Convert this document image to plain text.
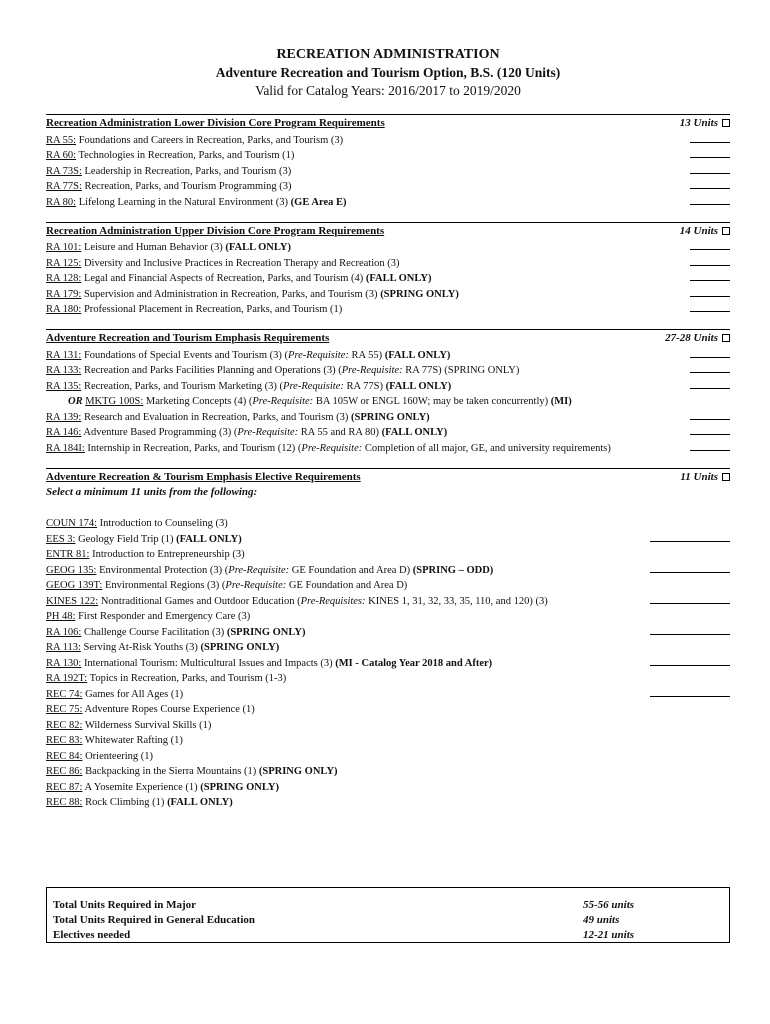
RECREATION ADMINISTRATION
Adventure Recreation and Tourism Option, B.S. (120 Units)
Valid for Catalog Years: 2016/2017 to 2019/2020
Recreation Administration Lower Division Core Program Requirements	13 Units
RA 55: Foundations and Careers in Recreation, Parks, and Tourism (3)
RA 60: Technologies in Recreation, Parks, and Tourism (1)
RA 73S: Leadership in Recreation, Parks, and Tourism (3)
RA 77S: Recreation, Parks, and Tourism Programming (3)
RA 80: Lifelong Learning in the Natural Environment (3) (GE Area E)
Recreation Administration Upper Division Core Program Requirements	14 Units
RA 101: Leisure and Human Behavior (3) (FALL ONLY)
RA 125: Diversity and Inclusive Practices in Recreation Therapy and Recreation (3)
RA 128: Legal and Financial Aspects of Recreation, Parks, and Tourism (4) (FALL ONLY)
RA 179: Supervision and Administration in Recreation, Parks, and Tourism (3) (SPRING ONLY)
RA 180: Professional Placement in Recreation, Parks, and Tourism (1)
Adventure Recreation and Tourism Emphasis Requirements	27-28 Units
RA 131: Foundations of Special Events and Tourism (3) (Pre-Requisite: RA 55) (FALL ONLY)
RA 133: Recreation and Parks Facilities Planning and Operations (3) (Pre-Requisite: RA 77S) (SPRING ONLY)
RA 135: Recreation, Parks, and Tourism Marketing (3) (Pre-Requisite: RA 77S) (FALL ONLY)
OR MKTG 100S: Marketing Concepts (4) (Pre-Requisite: BA 105W or ENGL 160W; may be taken concurrently) (MI)
RA 139: Research and Evaluation in Recreation, Parks, and Tourism (3) (SPRING ONLY)
RA 146: Adventure Based Programming (3) (Pre-Requisite: RA 55 and RA 80) (FALL ONLY)
RA 184I: Internship in Recreation, Parks, and Tourism (12) (Pre-Requisite: Completion of all major, GE, and university requirements)
Adventure Recreation & Tourism Emphasis Elective Requirements	11 Units
Select a minimum 11 units from the following:
COUN 174: Introduction to Counseling (3)
EES 3: Geology Field Trip (1) (FALL ONLY)
ENTR 81: Introduction to Entrepreneurship (3)
GEOG 135: Environmental Protection (3) (Pre-Requisite: GE Foundation and Area D) (SPRING – ODD)
GEOG 139T: Environmental Regions (3) (Pre-Requisite: GE Foundation and Area D)
KINES 122: Nontraditional Games and Outdoor Education (Pre-Requisites: KINES 1, 31, 32, 33, 35, 110, and 120) (3)
PH 48: First Responder and Emergency Care (3)
RA 106: Challenge Course Facilitation (3) (SPRING ONLY)
RA 113: Serving At-Risk Youths (3) (SPRING ONLY)
RA 130: International Tourism: Multicultural Issues and Impacts (3) (MI - Catalog Year 2018 and After)
RA 192T: Topics in Recreation, Parks, and Tourism (1-3)
REC 74: Games for All Ages (1)
REC 75: Adventure Ropes Course Experience (1)
REC 82: Wilderness Survival Skills (1)
REC 83: Whitewater Rafting (1)
REC 84: Orienteering (1)
REC 86: Backpacking in the Sierra Mountains (1) (SPRING ONLY)
REC 87: A Yosemite Experience (1) (SPRING ONLY)
REC 88: Rock Climbing (1) (FALL ONLY)
Total Units Required in Major	55-56 units
Total Units Required in General Education	49 units
Electives needed	12-21 units
